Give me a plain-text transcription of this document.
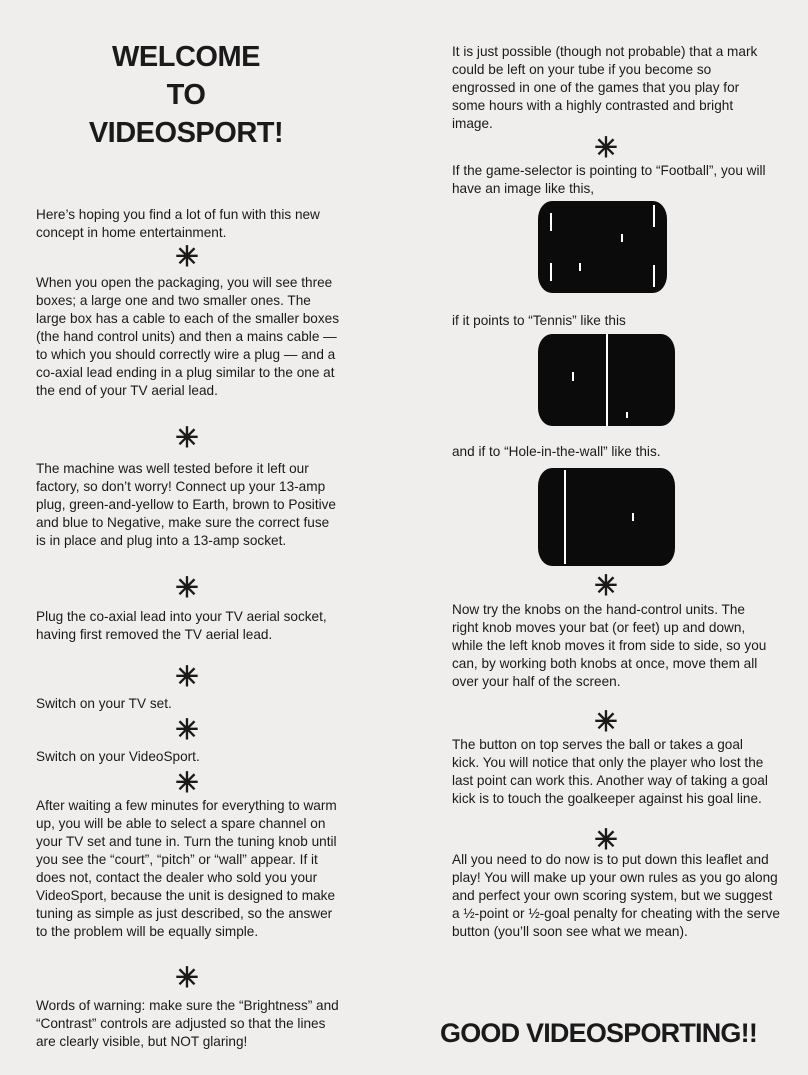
WELCOME
TO
VIDEOSPORT!

Here’s hoping you find a lot of fun with this new concept in home entertainment.

✳

When you open the packaging, you will see three boxes; a large one and two smaller ones. The large box has a cable to each of the smaller boxes (the hand control units) and then a mains cable — to which you should correctly wire a plug — and a co-axial lead ending in a plug similar to the one at the end of your TV aerial lead.

✳

The machine was well tested before it left our factory, so don’t worry! Connect up your 13-amp plug, green-and-yellow to Earth, brown to Positive and blue to Negative, make sure the correct fuse is in place and plug into a 13-amp socket.

✳

Plug the co-axial lead into your TV aerial socket, having first removed the TV aerial lead.

✳

Switch on your TV set.

✳

Switch on your VideoSport.

✳

After waiting a few minutes for everything to warm up, you will be able to select a spare channel on your TV set and tune in. Turn the tuning knob until you see the “court”, “pitch” or “wall” appear. If it does not, contact the dealer who sold you your VideoSport, because the unit is designed to make tuning as simple as just described, so the answer to the problem will be equally simple.

✳

Words of warning: make sure the “Brightness” and “Contrast” controls are adjusted so that the lines are clearly visible, but NOT glaring!

It is just possible (though not probable) that a mark could be left on your tube if you become so engrossed in one of the games that you play for some hours with a highly contrasted and bright image.

✳

If the game-selector is pointing to “Football”, you will have an image like this,

if it points to “Tennis” like this

and if to “Hole-in-the-wall” like this.

✳

Now try the knobs on the hand-control units. The right knob moves your bat (or feet) up and down, while the left knob moves it from side to side, so you can, by working both knobs at once, move them all over your half of the screen.

✳

The button on top serves the ball or takes a goal kick. You will notice that only the player who lost the last point can work this. Another way of taking a goal kick is to touch the goalkeeper against his goal line.

✳

All you need to do now is to put down this leaflet and play! You will make up your own rules as you go along and perfect your own scoring system, but we suggest a ½-point or ½-goal penalty for cheating with the serve button (you’ll soon see what we mean).

GOOD VIDEOSPORTING!!
